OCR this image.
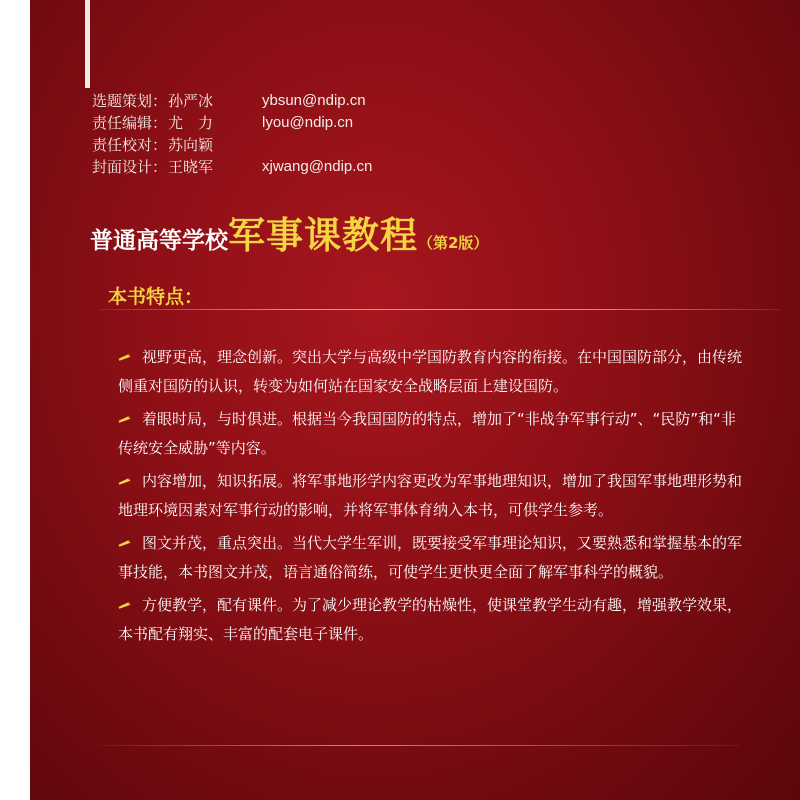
选题策划： 孙严冰	ybsun@ndip.cn
责任编辑： 尤　力	lyou@ndip.cn
责任校对： 苏向颖
封面设计： 王晓军	xjwang@ndip.cn
普通高等学校军事课教程（第2版）
本书特点：
视野更高，理念创新。突出大学与高级中学国防教育内容的衔接。在中国国防部分，由传统侧重对国防的认识，转变为如何站在国家安全战略层面上建设国防。
着眼时局，与时俱进。根据当今我国国防的特点，增加了“非战争军事行动”、“民防”和“非传统安全威胁”等内容。
内容增加，知识拓展。将军事地形学内容更改为军事地理知识，增加了我国军事地理形势和地理环境因素对军事行动的影响，并将军事体育纳入本书，可供学生参考。
图文并茂，重点突出。当代大学生军训，既要接受军事理论知识，又要熟悉和掌握基本的军事技能，本书图文并茂，语言通俗简练，可使学生更快更全面了解军事科学的概貌。
方便教学，配有课件。为了减少理论教学的枯燥性，使课堂教学生动有趣，增强教学效果，本书配有翔实、丰富的配套电子课件。
